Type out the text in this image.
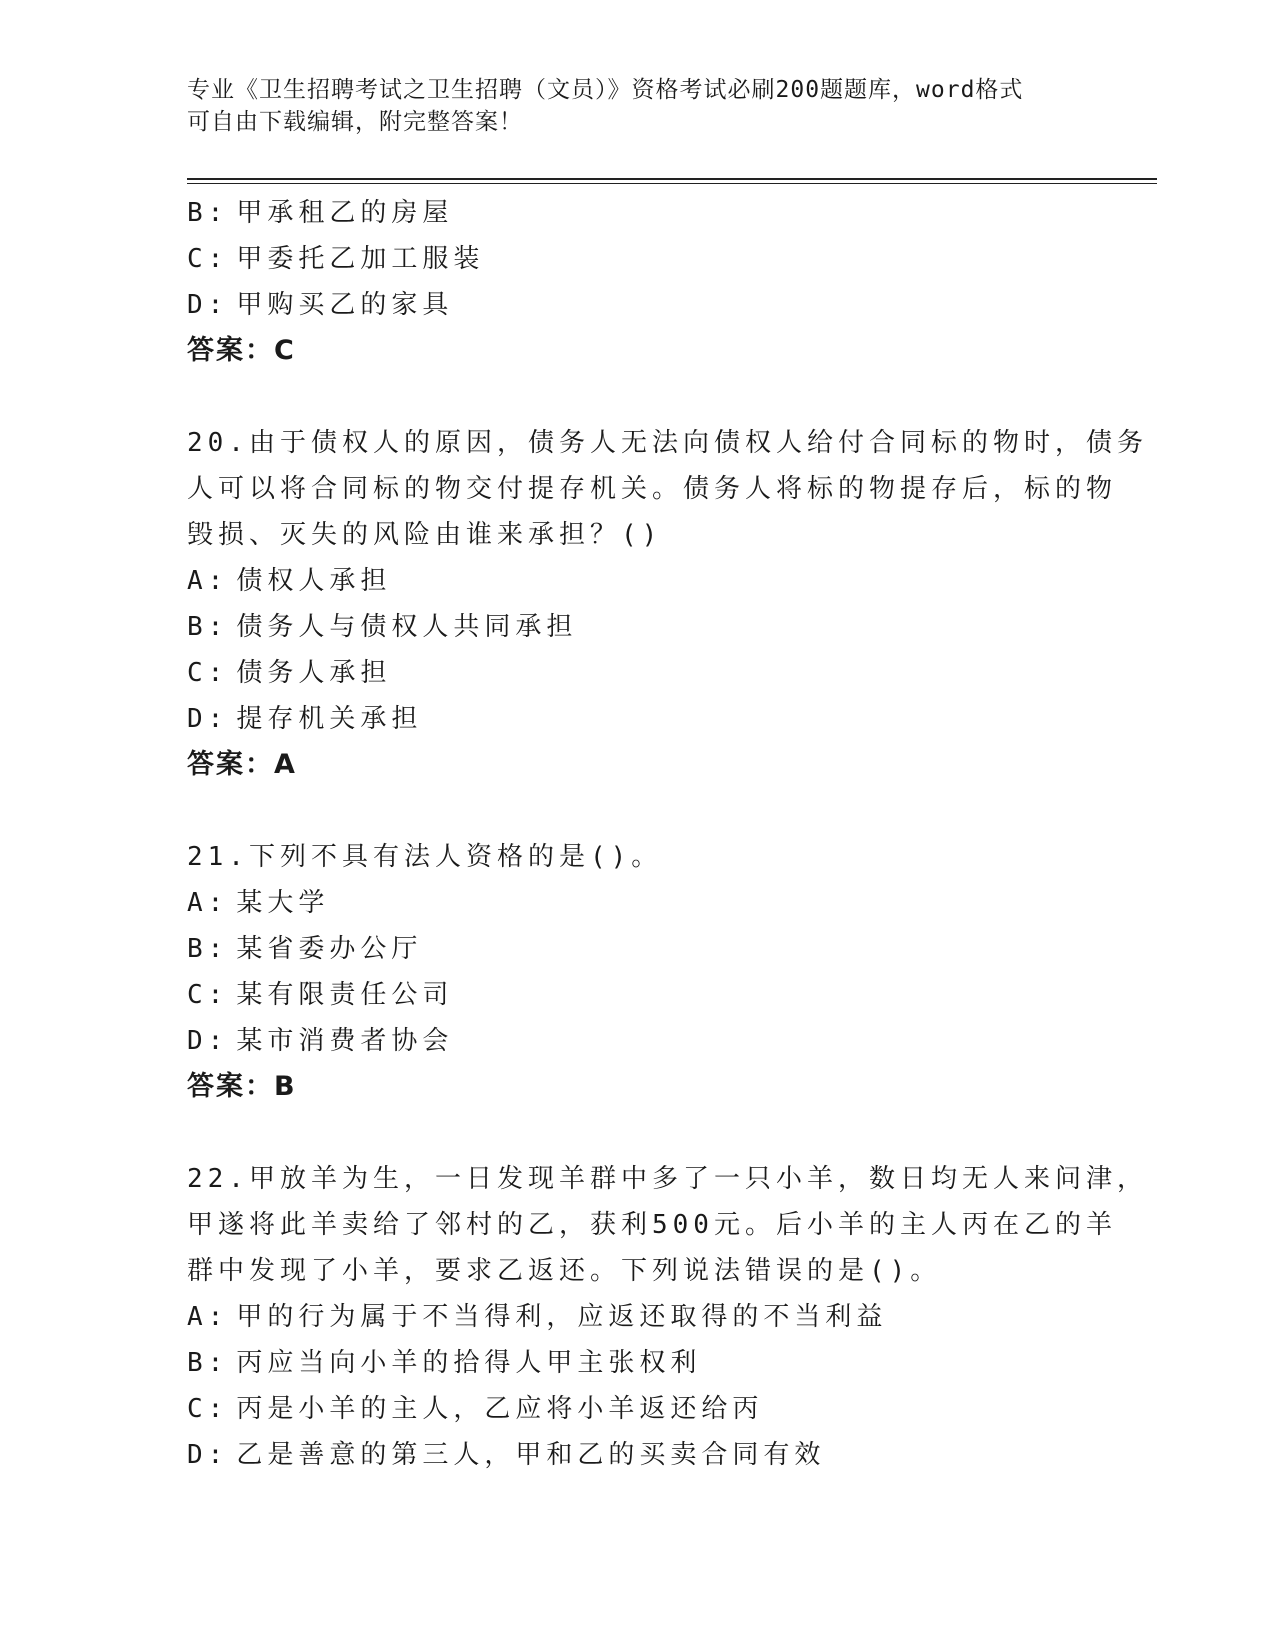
专业《卫生招聘考试之卫生招聘（文员）》资格考试必刷200题题库，word格式
可自由下载编辑，附完整答案！
B: 甲承租乙的房屋
C: 甲委托乙加工服装
D: 甲购买乙的家具
答案：C
20.由于债权人的原因，债务人无法向债权人给付合同标的物时，债务
人可以将合同标的物交付提存机关。债务人将标的物提存后，标的物
毁损、灭失的风险由谁来承担？()
A: 债权人承担
B: 债务人与债权人共同承担
C: 债务人承担
D: 提存机关承担
答案：A
21.下列不具有法人资格的是()。
A: 某大学
B: 某省委办公厅
C: 某有限责任公司
D: 某市消费者协会
答案：B
22.甲放羊为生，一日发现羊群中多了一只小羊，数日均无人来问津，
甲遂将此羊卖给了邻村的乙，获利500元。后小羊的主人丙在乙的羊
群中发现了小羊，要求乙返还。下列说法错误的是()。
A: 甲的行为属于不当得利，应返还取得的不当利益
B: 丙应当向小羊的拾得人甲主张权利
C: 丙是小羊的主人，乙应将小羊返还给丙
D: 乙是善意的第三人，甲和乙的买卖合同有效
